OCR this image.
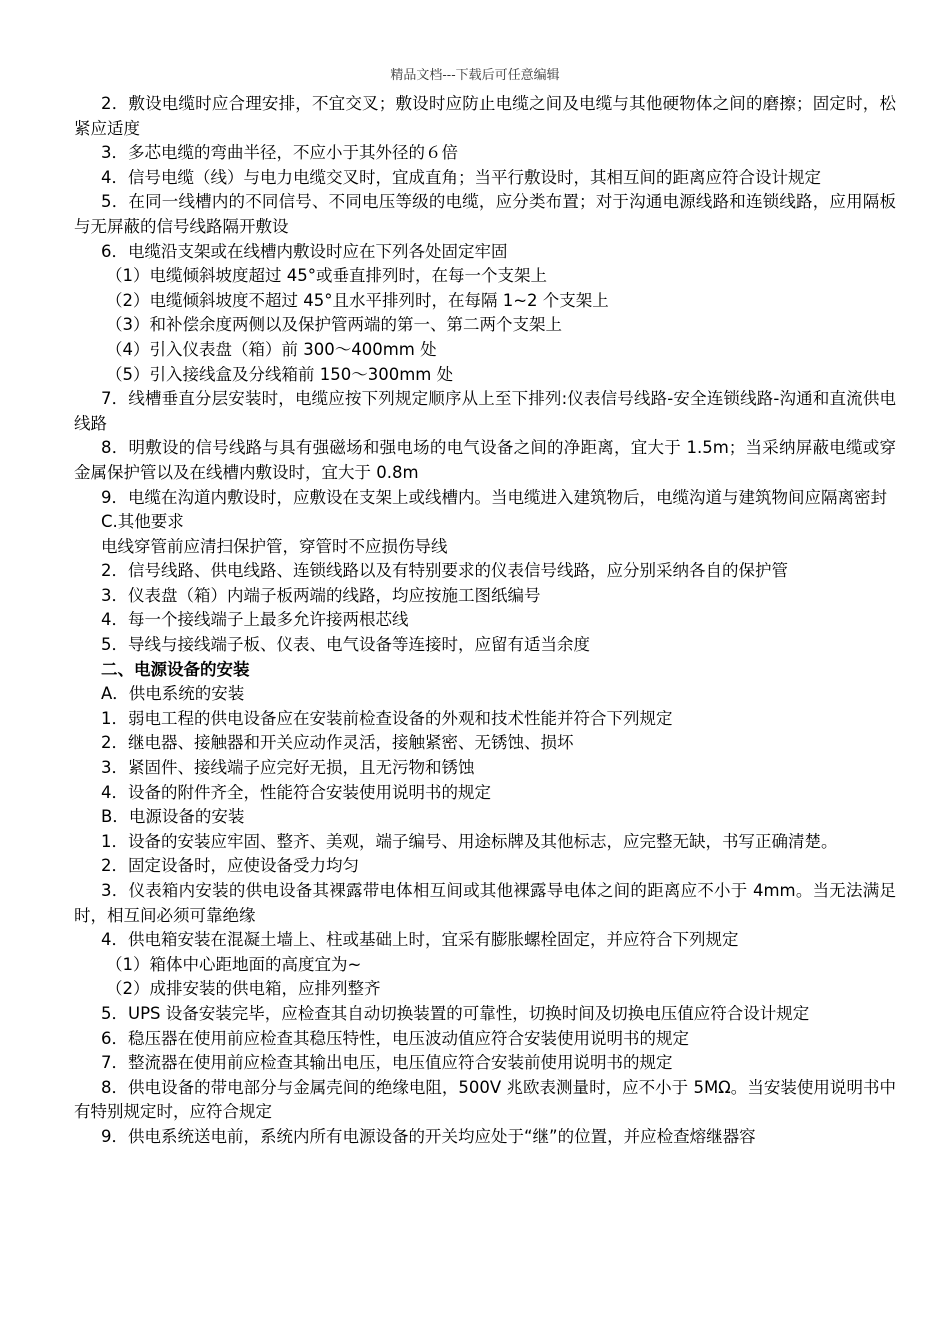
精品文档---下载后可任意编辑

2．敷设电缆时应合理安排，不宜交叉；敷设时应防止电缆之间及电缆与其他硬物体之间的磨擦；固定时，松紧应适度

3．多芯电缆的弯曲半径，不应小于其外径的６倍

4．信号电缆（线）与电力电缆交叉时，宜成直角；当平行敷设时，其相互间的距离应符合设计规定

5．在同一线槽内的不同信号、不同电压等级的电缆，应分类布置；对于沟通电源线路和连锁线路，应用隔板与无屏蔽的信号线路隔开敷设

6．电缆沿支架或在线槽内敷设时应在下列各处固定牢固

（1）电缆倾斜坡度超过 45°或垂直排列时，在每一个支架上

（2）电缆倾斜坡度不超过 45°且水平排列时，在每隔 1~2 个支架上

（3）和补偿余度两侧以及保护管两端的第一、第二两个支架上

（4）引入仪表盘（箱）前 300～400mm 处

（5）引入接线盒及分线箱前 150～300mm 处

7．线槽垂直分层安装时，电缆应按下列规定顺序从上至下排列:仪表信号线路-安全连锁线路-沟通和直流供电线路

8．明敷设的信号线路与具有强磁场和强电场的电气设备之间的净距离，宜大于 1.5m；当采纳屏蔽电缆或穿金属保护管以及在线槽内敷设时，宜大于 0.8m

9．电缆在沟道内敷设时，应敷设在支架上或线槽内。当电缆进入建筑物后，电缆沟道与建筑物间应隔离密封

C.其他要求

电线穿管前应清扫保护管，穿管时不应损伤导线

2．信号线路、供电线路、连锁线路以及有特别要求的仪表信号线路，应分别采纳各自的保护管

3．仪表盘（箱）内端子板两端的线路，均应按施工图纸编号

4．每一个接线端子上最多允许接两根芯线

5．导线与接线端子板、仪表、电气设备等连接时，应留有适当余度

二、电源设备的安装

A．供电系统的安装

1．弱电工程的供电设备应在安装前检查设备的外观和技术性能并符合下列规定

2．继电器、接触器和开关应动作灵活，接触紧密、无锈蚀、损坏

3．紧固件、接线端子应完好无损，且无污物和锈蚀

4．设备的附件齐全，性能符合安装使用说明书的规定

B．电源设备的安装

1．设备的安装应牢固、整齐、美观，端子编号、用途标牌及其他标志，应完整无缺，书写正确清楚。

2．固定设备时，应使设备受力均匀

3．仪表箱内安装的供电设备其裸露带电体相互间或其他裸露导电体之间的距离应不小于 4mm。当无法满足时，相互间必须可靠绝缘

4．供电箱安装在混凝土墙上、柱或基础上时，宜采有膨胀螺栓固定，并应符合下列规定

（1）箱体中心距地面的高度宜为~

（2）成排安装的供电箱，应排列整齐

5．UPS 设备安装完毕，应检查其自动切换装置的可靠性，切换时间及切换电压值应符合设计规定

6．稳压器在使用前应检查其稳压特性，电压波动值应符合安装使用说明书的规定

7．整流器在使用前应检查其输出电压，电压值应符合安装前使用说明书的规定

8．供电设备的带电部分与金属壳间的绝缘电阻，500V 兆欧表测量时，应不小于 5MΩ。当安装使用说明书中有特别规定时，应符合规定

9．供电系统送电前，系统内所有电源设备的开关均应处于“继”的位置，并应检查熔继器容
